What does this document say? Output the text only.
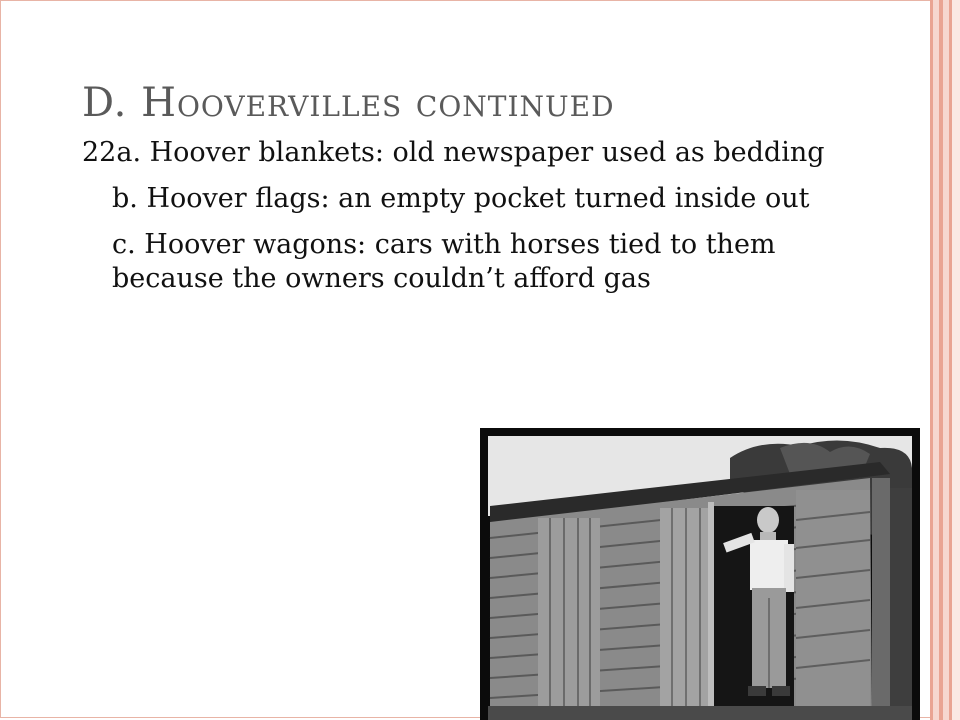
D. Hoovervilles continued

22a. Hoover blankets: old newspaper used as bedding

b. Hoover flags: an empty pocket turned inside out

c. Hoover wagons: cars with horses tied to them because the owners couldn’t afford gas
